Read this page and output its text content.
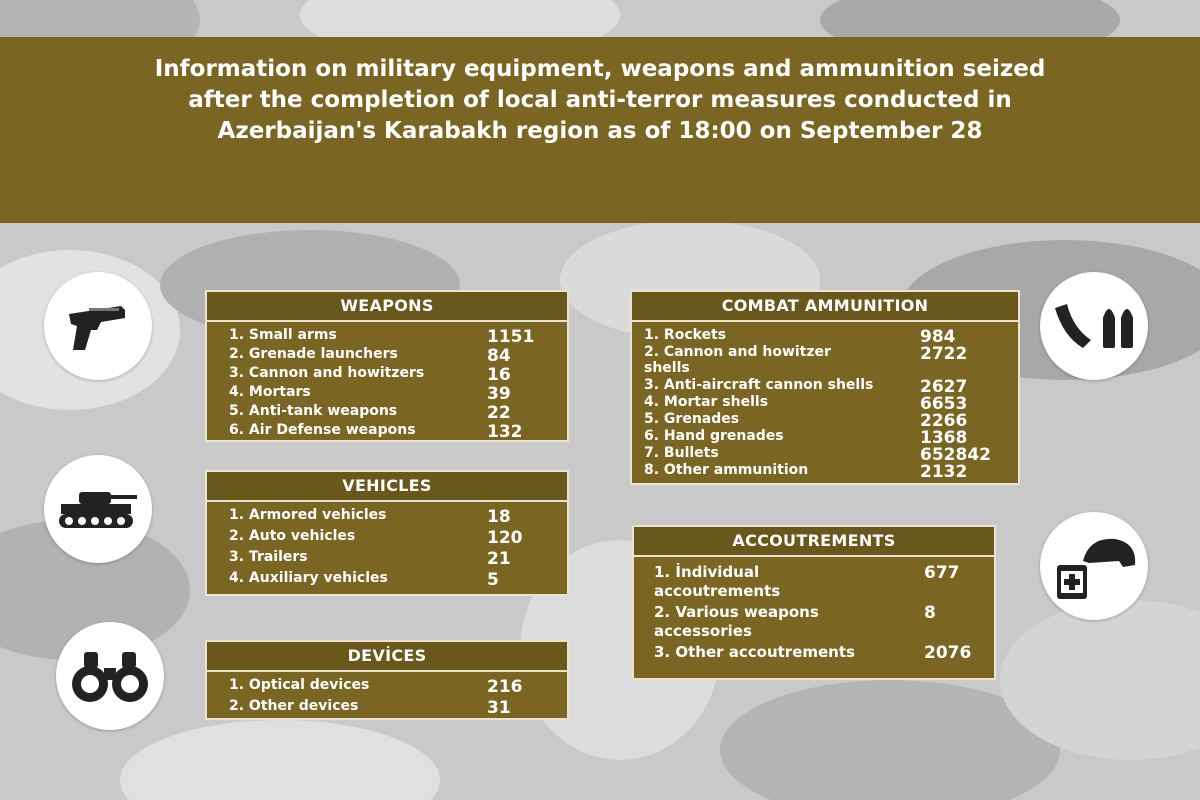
Information on military equipment, weapons and ammunition seized after the completion of local anti-terror measures conducted in Azerbaijan's Karabakh region as of 18:00 on September 28
WEAPONS
1. Small arms	1151
2. Grenade launchers	84
3. Cannon and howitzers	16
4. Mortars	39
5. Anti-tank weapons	22
6. Air Defense weapons	132
VEHICLES
1. Armored vehicles	18
2. Auto vehicles	120
3. Trailers	21
4. Auxiliary vehicles	5
DEVİCES
1. Optical devices	216
2. Other devices	31
COMBAT AMMUNITION
1. Rockets	984
2. Cannon and howitzer shells
2722
3. Anti-aircraft cannon shells	2627
4. Mortar shells	6653
5. Grenades	2266
6. Hand grenades	1368
7. Bullets	652842
8. Other ammunition	2132
ACCOUTREMENTS
1. İndividual accoutrements
677
2. Various weapons accessories
8
3. Other accoutrements	2076
